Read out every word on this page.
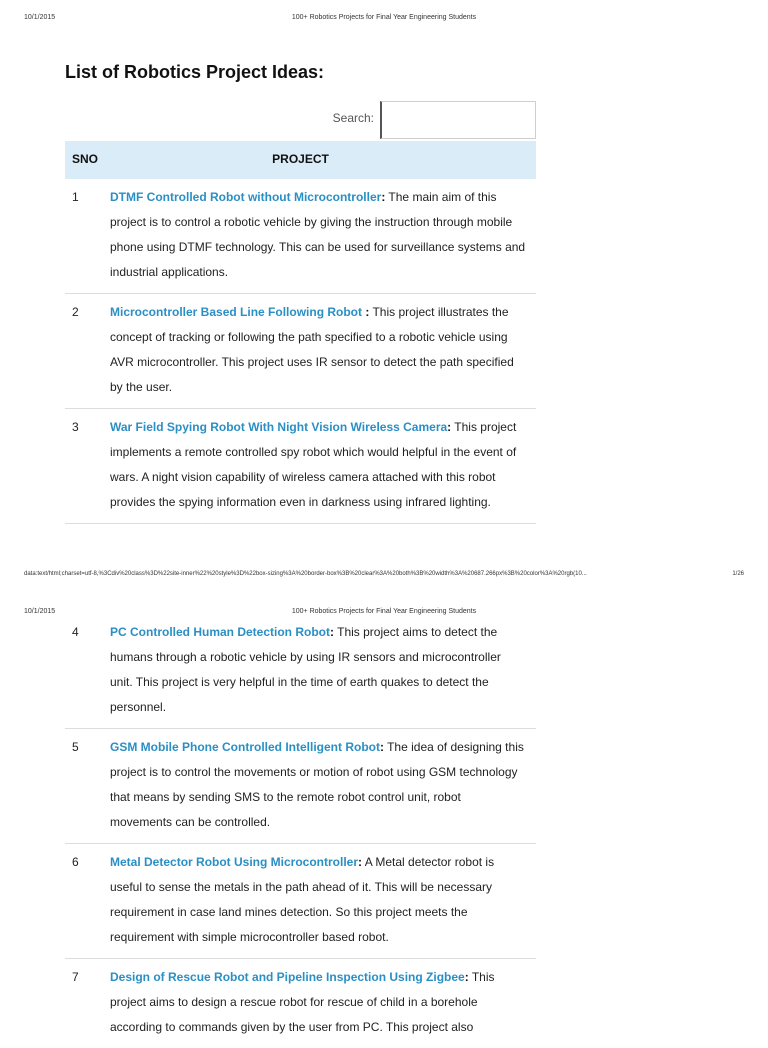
10/1/2015	100+ Robotics Projects for Final Year Engineering Students
List of Robotics Project Ideas:
Search:
SNO	PROJECT
1	DTMF Controlled Robot without Microcontroller: The main aim of this project is to control a robotic vehicle by giving the instruction through mobile phone using DTMF technology. This can be used for surveillance systems and industrial applications.
2	Microcontroller Based Line Following Robot : This project illustrates the concept of tracking or following the path specified to a robotic vehicle using AVR microcontroller. This project uses IR sensor to detect the path specified by the user.
3	War Field Spying Robot With Night Vision Wireless Camera: This project implements a remote controlled spy robot which would helpful in the event of wars. A night vision capability of wireless camera attached with this robot provides the spying information even in darkness using infrared lighting.
data:text/html;charset=utf-8,%3Cdiv%20class%3D%22site-inner%22%20style%3D%22box-sizing%3A%20border-box%3B%20clear%3A%20both%3B%20width%3A%20687.266px%3B%20color%3A%20rgb(10...	1/26
10/1/2015	100+ Robotics Projects for Final Year Engineering Students
4	PC Controlled Human Detection Robot: This project aims to detect the humans through a robotic vehicle by using IR sensors and microcontroller unit. This project is very helpful in the time of earth quakes to detect the personnel.
5	GSM Mobile Phone Controlled Intelligent Robot: The idea of designing this project is to control the movements or motion of robot using GSM technology that means by sending SMS to the remote robot control unit, robot movements can be controlled.
6	Metal Detector Robot Using Microcontroller: A Metal detector robot is useful to sense the metals in the path ahead of it. This will be necessary requirement in case land mines detection. So this project meets the requirement with simple microcontroller based robot.
7	Design of Rescue Robot and Pipeline Inspection Using Zigbee: This project aims to design a rescue robot for rescue of child in a borehole according to commands given by the user from PC. This project also
